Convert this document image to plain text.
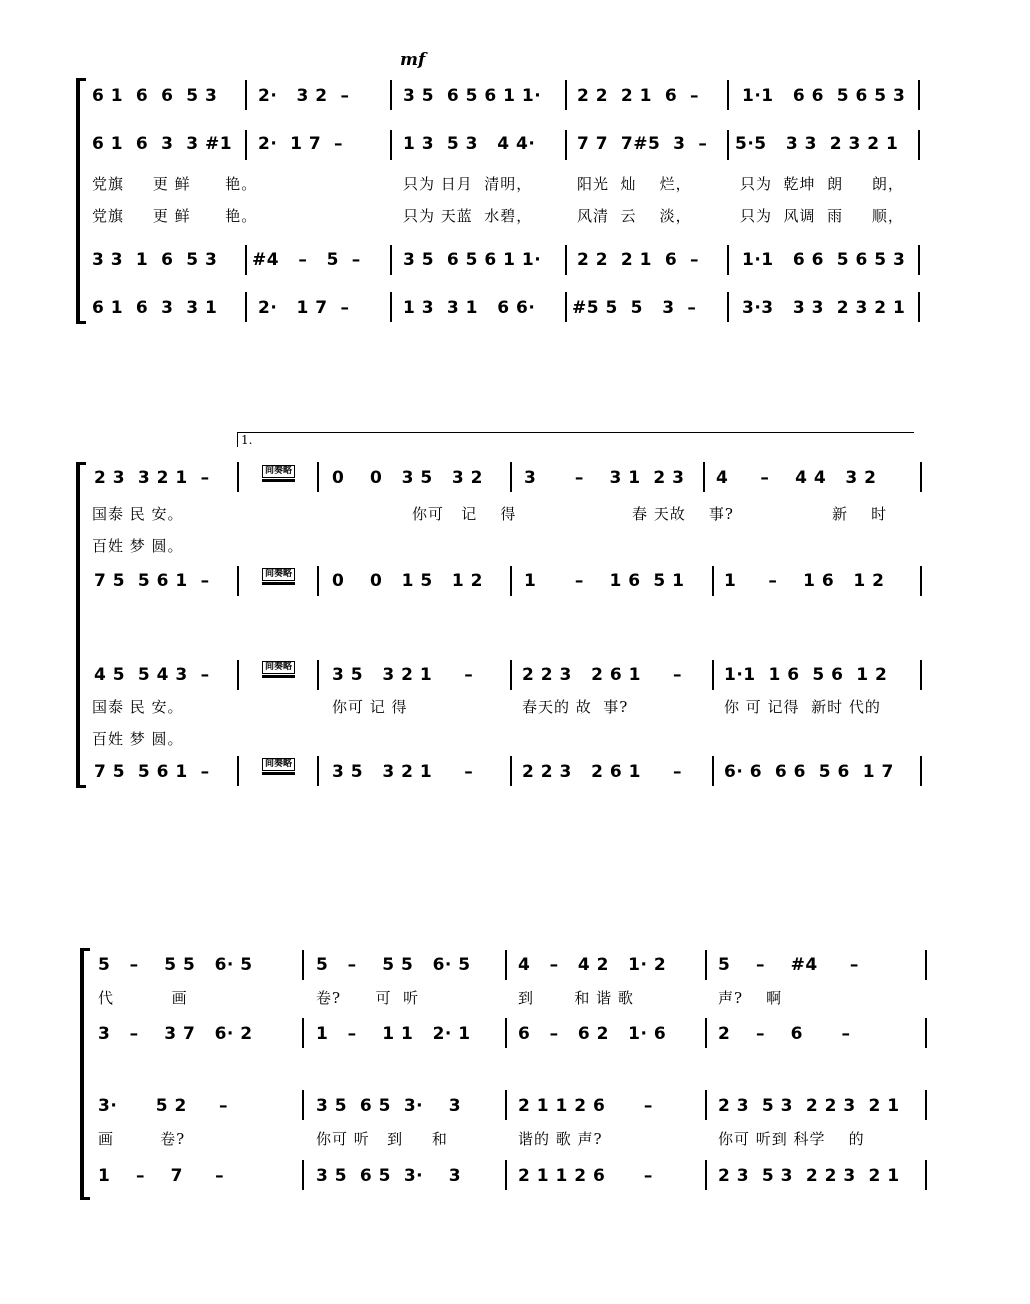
mf
6 1  6  6  5 3 2·   3 2  –	3 5  6 5 6 1 1· 2 2  2 1  6  –	1·1   6 6  5 6 5 3
6 1  6  3  3 #1 2·  1 7  –	1 3  5 3   4 4· 7 7  7#5  3  – 5·5   3 3  2 3 2 1
党旗     更 鲜      艳。	只为 日月  清明，	阳光  灿    烂，	只为  乾坤  朗     朗，
党旗     更 鲜      艳。	只为 天蓝  水碧，	风清  云    淡，	只为  风调  雨     顺，
3 3  1  6  5 3 #4   –   5  – 3 5  6 5 6 1 1· 2 2  2 1  6  –	1·1   6 6  5 6 5 3
6 1  6  3  3 1 2·   1 7  –	1 3  3 1   6 6· #5 5  5   3  –	3·3   3 3  2 3 2 1
1.
间奏略
间奏略
间奏略
间奏略
2 3  3 2 1  –	0    0   3 5   3 2 3      –    3 1  2 3 4     –    4 4   3 2
国泰 民 安。	你可   记    得	春 天故    事?	新    时
百姓 梦 圆。
7 5  5 6 1  –	0    0   1 5   1 2 1      –    1 6  5 1 1     –    1 6   1 2
4 5  5 4 3  –	3 5   3 2 1     –	2 2 3   2 6 1     – 1·1  1 6  5 6  1 2
国泰 民 安。	你可 记 得	春天的 故  事?	你 可 记得  新时 代的
百姓 梦 圆。
7 5  5 6 1  –	3 5   3 2 1     –	2 2 3   2 6 1     – 6· 6  6 6  5 6  1 7
5   –    5 5   6· 5	5   –    5 5   6· 5	4   –   4 2   1· 2	5    –    #4     –
代          画	卷?      可  听	到       和 谐 歌	声?    啊
3   –    3 7   6· 2	1   –    1 1   2· 1	6   –   6 2   1· 6	2    –    6      –
3·      5 2     –	3 5  6 5  3·    3	2 1 1 2 6      –	2 3  5 3  2 2 3  2 1
画        卷?	你可 听   到     和	谐的 歌 声?	你可 听到 科学    的
1    –    7     –	3 5  6 5  3·    3	2 1 1 2 6      –	2 3  5 3  2 2 3  2 1
